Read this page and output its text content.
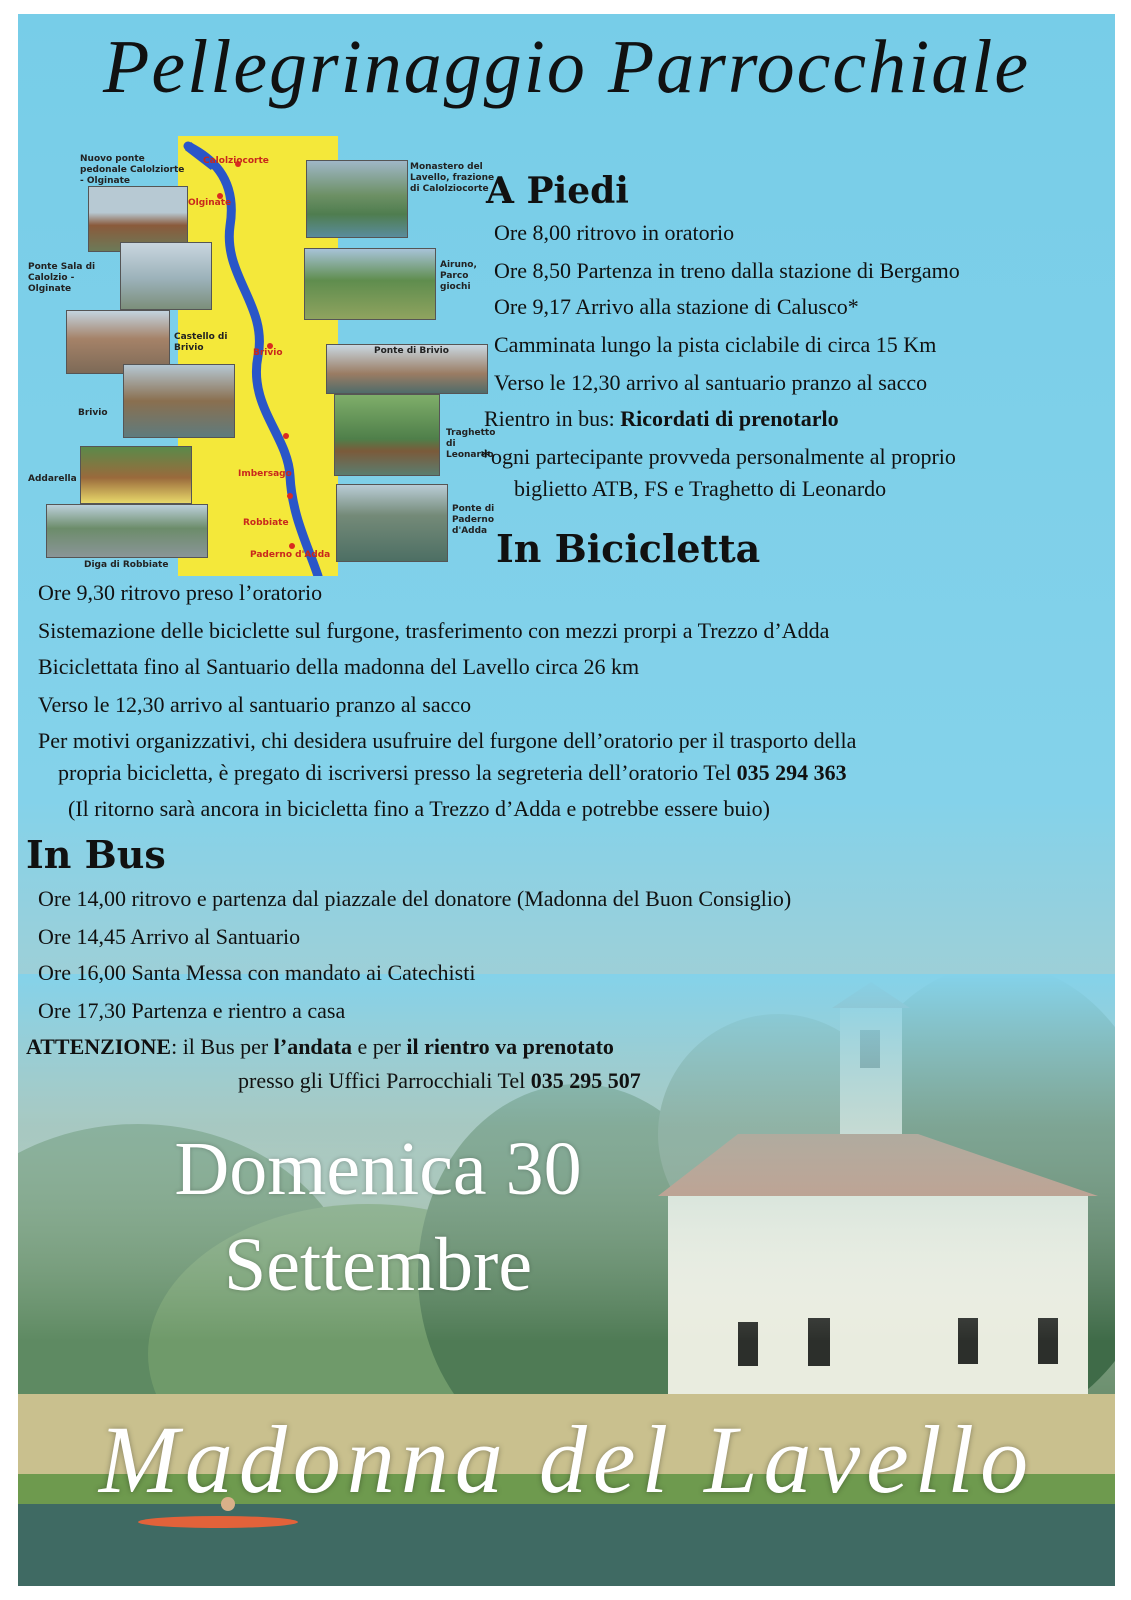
Pellegrinaggio Parrocchiale
Calolziocorte
Olginate
Brivio
Imbersago
Robbiate
Paderno d'Adda
Nuovo ponte pedonale Calolziorte - Olginate
Monastero del Lavello, frazione di Calolziocorte
Ponte Sala di Calolzio - Olginate
Airuno, Parco giochi
Castello di Brivio	Ponte di Brivio
Brivio
Traghetto di Leonardo
Addarella
Ponte di Paderno d'Adda
Diga di Robbiate
A Piedi
Ore 8,00 ritrovo in oratorio
Ore 8,50 Partenza in treno dalla stazione di Bergamo
Ore 9,17 Arrivo alla stazione di Calusco*
Camminata lungo la pista ciclabile di circa 15 Km
Verso le 12,30 arrivo al santuario pranzo al sacco
Rientro in bus: Ricordati di prenotarlo
*ogni partecipante provveda personalmente al proprio
biglietto ATB, FS e Traghetto di Leonardo
In Bicicletta
Ore 9,30 ritrovo preso l’oratorio
Sistemazione delle biciclette sul furgone, trasferimento con mezzi prorpi a Trezzo d’Adda
Biciclettata fino al Santuario della madonna del Lavello circa 26 km
Verso le 12,30 arrivo al santuario pranzo al sacco
Per motivi organizzativi, chi desidera usufruire del furgone dell’oratorio per il trasporto della
propria bicicletta, è pregato di iscriversi presso la segreteria dell’oratorio Tel 035 294 363
(Il ritorno sarà ancora in bicicletta fino a Trezzo d’Adda e potrebbe essere buio)
In Bus
Ore 14,00 ritrovo e partenza dal piazzale del donatore (Madonna del Buon Consiglio)
Ore 14,45 Arrivo al Santuario
Ore 16,00 Santa Messa con mandato ai Catechisti
Ore 17,30 Partenza e rientro a casa
ATTENZIONE: il Bus per l’andata e per il rientro va prenotato
presso gli Uffici Parrocchiali Tel 035 295 507
Domenica 30
Settembre
Madonna del Lavello
